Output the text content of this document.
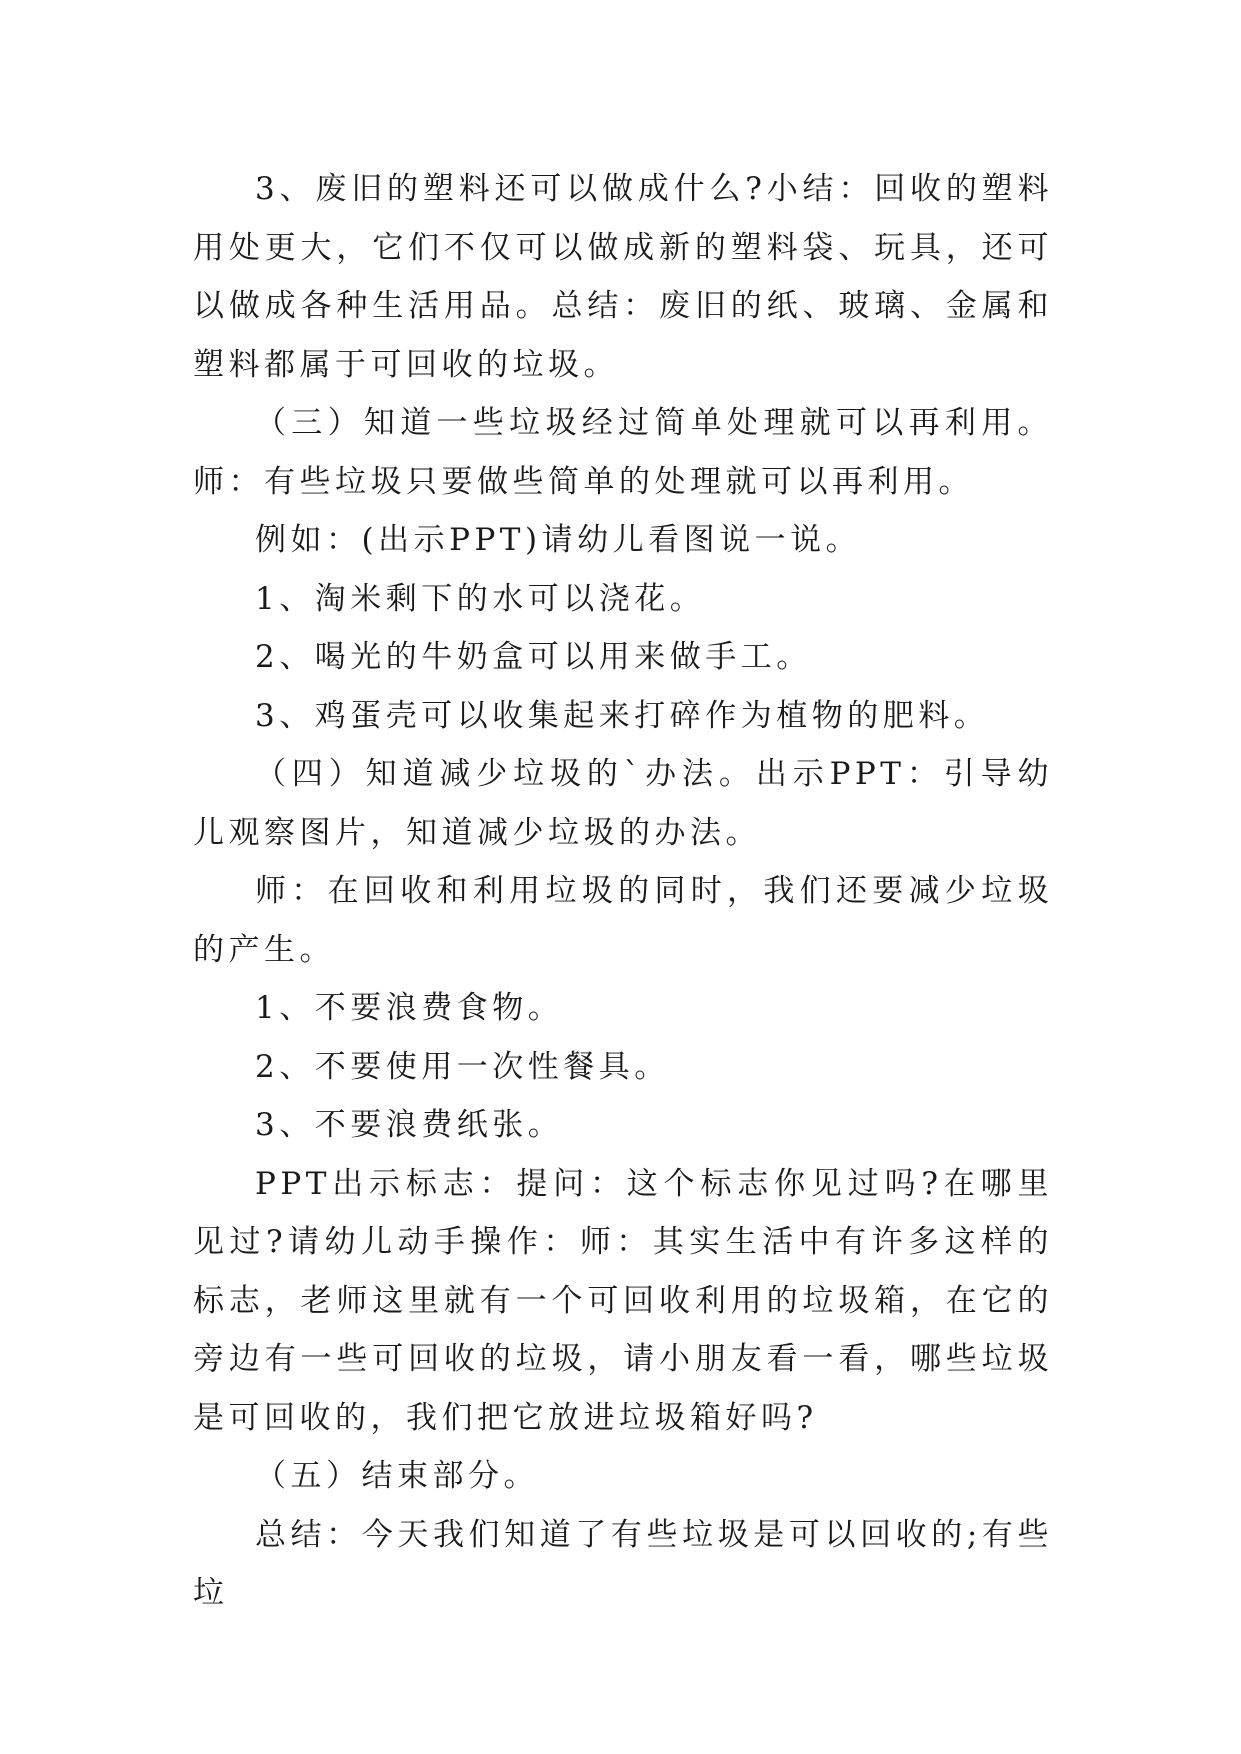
3、废旧的塑料还可以做成什么?小结：回收的塑料用处更大，它们不仅可以做成新的塑料袋、玩具，还可以做成各种生活用品。总结：废旧的纸、玻璃、金属和塑料都属于可回收的垃圾。

（三）知道一些垃圾经过简单处理就可以再利用。师：有些垃圾只要做些简单的处理就可以再利用。

例如：(出示PPT)请幼儿看图说一说。

1、淘米剩下的水可以浇花。

2、喝光的牛奶盒可以用来做手工。

3、鸡蛋壳可以收集起来打碎作为植物的肥料。

（四）知道减少垃圾的`办法。出示PPT：引导幼儿观察图片，知道减少垃圾的办法。

师：在回收和利用垃圾的同时，我们还要减少垃圾的产生。

1、不要浪费食物。

2、不要使用一次性餐具。

3、不要浪费纸张。

PPT出示标志：提问：这个标志你见过吗?在哪里见过?请幼儿动手操作：师：其实生活中有许多这样的标志，老师这里就有一个可回收利用的垃圾箱，在它的旁边有一些可回收的垃圾，请小朋友看一看，哪些垃圾是可回收的，我们把它放进垃圾箱好吗?

（五）结束部分。

总结：今天我们知道了有些垃圾是可以回收的;有些垃
